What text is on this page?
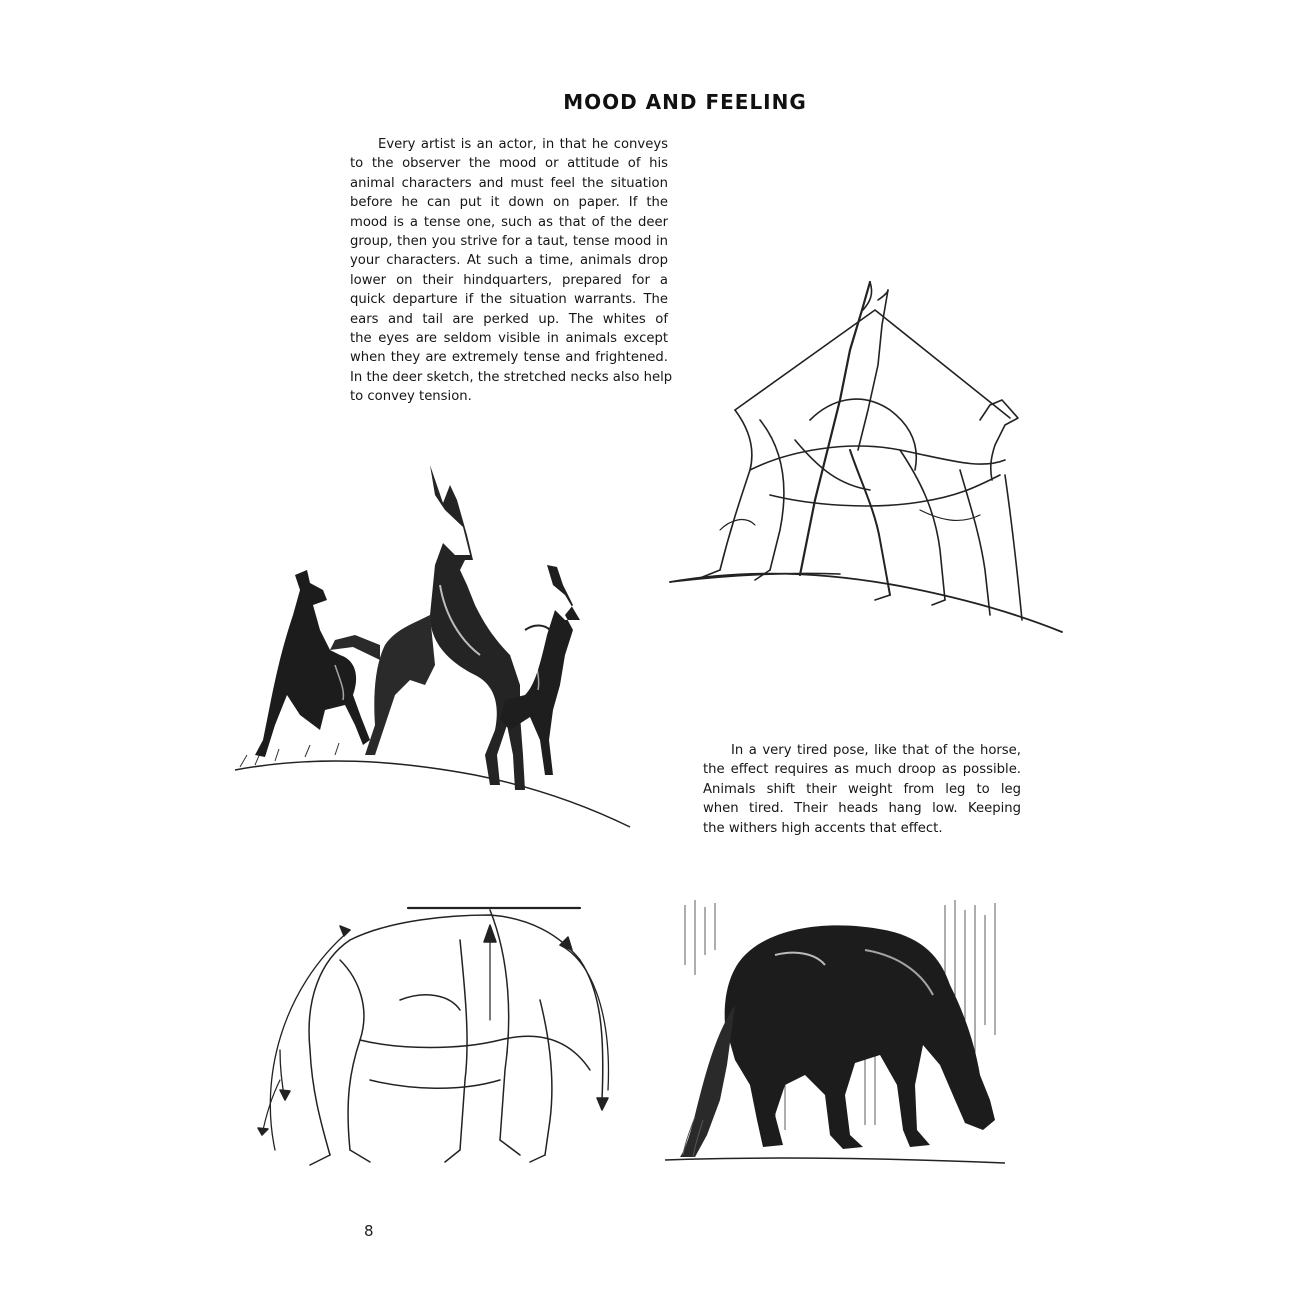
MOOD AND FEELING
Every artist is an actor, in that he conveys
to the observer the mood or attitude of his
animal characters and must feel the situation
before he can put it down on paper. If the
mood is a tense one, such as that of the deer
group, then you strive for a taut, tense mood in
your characters. At such a time, animals drop
lower on their hindquarters, prepared for a
quick departure if the situation warrants. The
ears and tail are perked up. The whites of
the eyes are seldom visible in animals except
when they are extremely tense and frightened.
In the deer sketch, the stretched necks also help
to convey tension.
In a very tired pose, like that of the horse,
the effect requires as much droop as possible.
Animals shift their weight from leg to leg
when tired. Their heads hang low. Keeping
the withers high accents that effect.
8
